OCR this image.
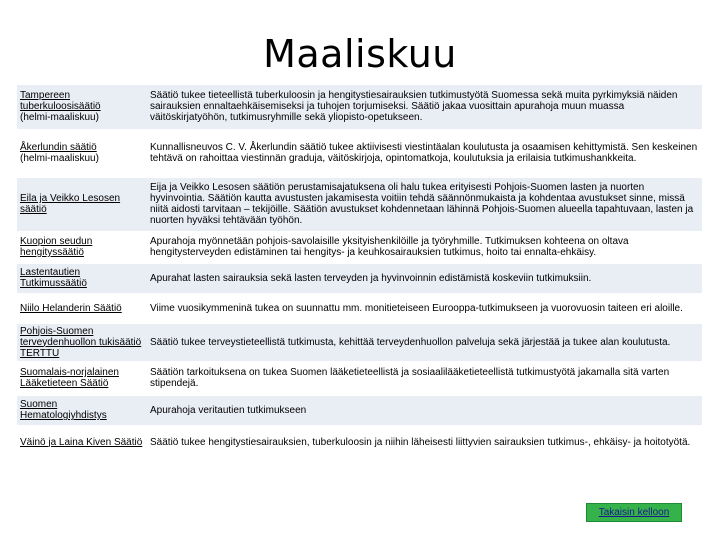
Maaliskuu
Tampereen tuberkuloosisäätiö
(helmi-maaliskuu)	Säätiö tukee tieteellistä tuberkuloosin ja hengitystiesairauksien tutkimustyötä Suomessa sekä muita pyrkimyksiä näiden sairauksien ennaltaehkäisemiseksi ja tuhojen torjumiseksi. Säätiö jakaa vuosittain apurahoja muun muassa väitöskirjatyöhön, tutkimusryhmille sekä yliopisto-opetukseen.

Åkerlundin säätiö
(helmi-maaliskuu)	Kunnallisneuvos C. V. Åkerlundin säätiö tukee aktiivisesti viestintäalan koulutusta ja osaamisen kehittymistä. Sen keskeinen tehtävä on rahoittaa viestinnän graduja, väitöskirjoja, opintomatkoja, koulutuksia ja erilaisia tutkimushankkeita.

Eila ja Veikko Lesosen säätiö	Eija ja Veikko Lesosen säätiön perustamisajatuksena oli halu tukea erityisesti Pohjois-Suomen lasten ja nuorten hyvinvointia. Säätiön kautta avustusten jakamisesta voitiin tehdä säännönmukaista ja kohdentaa avustukset sinne, missä niitä aidosti tarvitaan – tekijöille. Säätiön avustukset kohdennetaan lähinnä Pohjois-Suomen alueella tapahtuvaan, lasten ja nuorten hyväksi tehtävään työhön.

Kuopion seudun hengityssäätiö	Apurahoja myönnetään pohjois-savolaisille yksityishenkilöille ja työryhmille. Tutkimuksen kohteena on oltava hengitysterveyden edistäminen tai hengitys- ja keuhkosairauksien tutkimus, hoito tai ennalta-ehkäisy.

Lastentautien Tutkimussäätiö	Apurahat lasten sairauksia sekä lasten terveyden ja hyvinvoinnin edistämistä koskeviin tutkimuksiin.

Niilo Helanderin Säätiö	Viime vuosikymmeninä tukea on suunnattu mm. monitieteiseen Eurooppa-tutkimukseen ja vuorovuosin taiteen eri aloille.

Pohjois-Suomen terveydenhuollon tukisäätiö TERTTU	Säätiö tukee terveystieteellistä tutkimusta, kehittää terveydenhuollon palveluja sekä järjestää ja tukee alan koulutusta.

Suomalais-norjalainen Lääketieteen Säätiö	Säätiön tarkoituksena on tukea Suomen lääketieteellistä ja sosiaalilääketieteellistä tutkimustyötä jakamalla sitä varten stipendejä.

Suomen Hematologiyhdistys	Apurahoja veritautien tutkimukseen

Väinö ja Laina Kiven Säätiö	Säätiö tukee hengitystiesairauksien, tuberkuloosin ja niihin läheisesti liittyvien sairauksien tutkimus-, ehkäisy- ja hoitotyötä.
Takaisin kelloon
